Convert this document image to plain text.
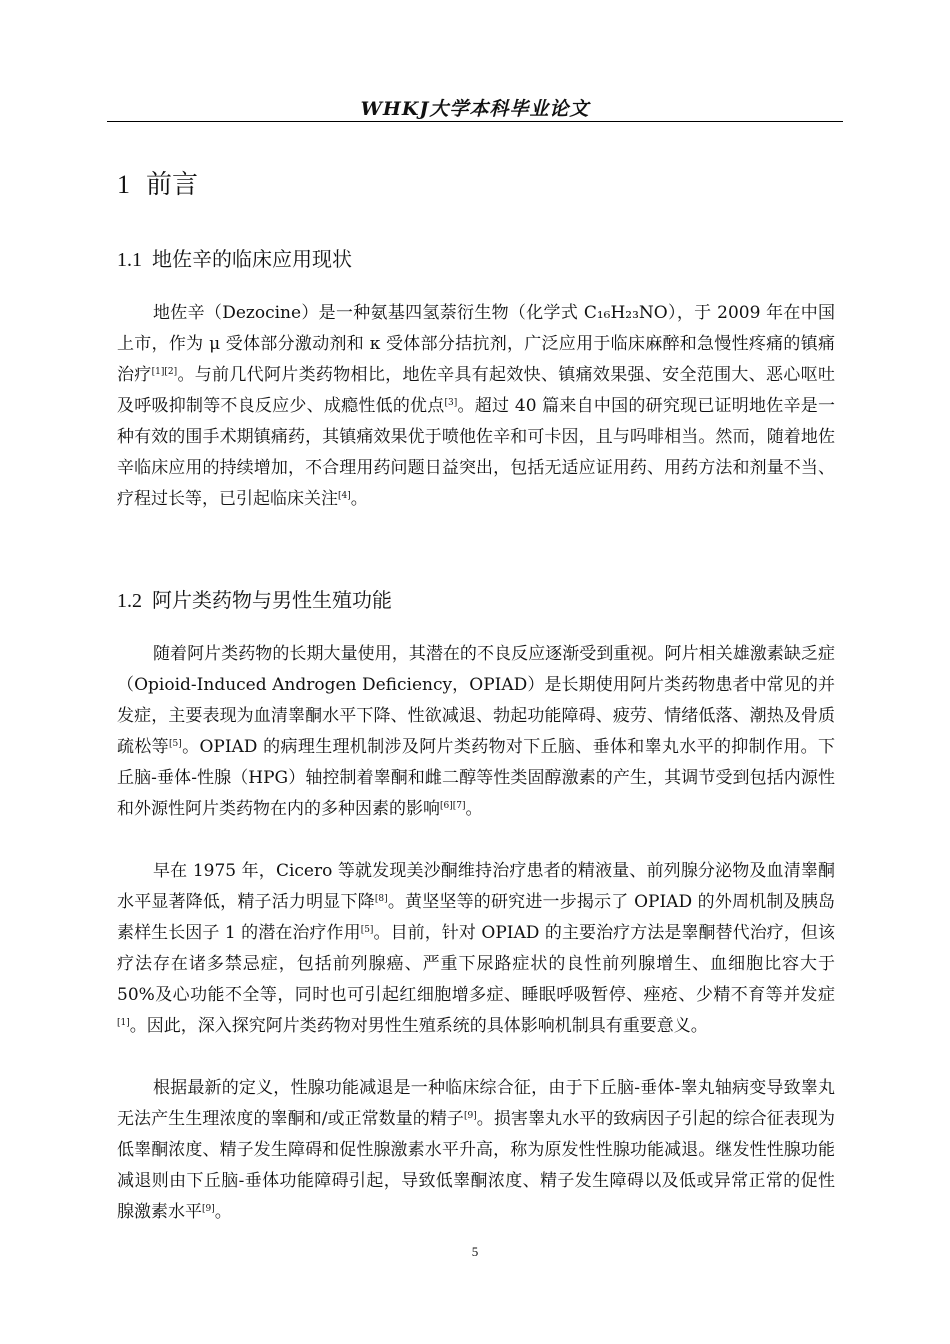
WHKJ大学本科毕业论文
1 前言
1.1 地佐辛的临床应用现状

地佐辛（Dezocine）是一种氨基四氢萘衍生物（化学式 C₁₆H₂₃NO），于 2009 年在中国上市，作为 μ 受体部分激动剂和 κ 受体部分拮抗剂，广泛应用于临床麻醉和急慢性疼痛的镇痛治疗[1][2]。与前几代阿片类药物相比，地佐辛具有起效快、镇痛效果强、安全范围大、恶心呕吐及呼吸抑制等不良反应少、成瘾性低的优点[3]。超过 40 篇来自中国的研究现已证明地佐辛是一种有效的围手术期镇痛药，其镇痛效果优于喷他佐辛和可卡因，且与吗啡相当。然而，随着地佐辛临床应用的持续增加，不合理用药问题日益突出，包括无适应证用药、用药方法和剂量不当、疗程过长等，已引起临床关注[4]。

1.2 阿片类药物与男性生殖功能

随着阿片类药物的长期大量使用，其潜在的不良反应逐渐受到重视。阿片相关雄激素缺乏症（Opioid-Induced Androgen Deficiency，OPIAD）是长期使用阿片类药物患者中常见的并发症，主要表现为血清睾酮水平下降、性欲减退、勃起功能障碍、疲劳、情绪低落、潮热及骨质疏松等[5]。OPIAD 的病理生理机制涉及阿片类药物对下丘脑、垂体和睾丸水平的抑制作用。下丘脑-垂体-性腺（HPG）轴控制着睾酮和雌二醇等性类固醇激素的产生，其调节受到包括内源性和外源性阿片类药物在内的多种因素的影响[6][7]。

早在 1975 年，Cicero 等就发现美沙酮维持治疗患者的精液量、前列腺分泌物及血清睾酮水平显著降低，精子活力明显下降[8]。黄坚坚等的研究进一步揭示了 OPIAD 的外周机制及胰岛素样生长因子 1 的潜在治疗作用[5]。目前，针对 OPIAD 的主要治疗方法是睾酮替代治疗，但该疗法存在诸多禁忌症，包括前列腺癌、严重下尿路症状的良性前列腺增生、血细胞比容大于 50%及心功能不全等，同时也可引起红细胞增多症、睡眠呼吸暂停、痤疮、少精不育等并发症[1]。因此，深入探究阿片类药物对男性生殖系统的具体影响机制具有重要意义。

根据最新的定义，性腺功能减退是一种临床综合征，由于下丘脑-垂体-睾丸轴病变导致睾丸无法产生生理浓度的睾酮和/或正常数量的精子[9]。损害睾丸水平的致病因子引起的综合征表现为低睾酮浓度、精子发生障碍和促性腺激素水平升高，称为原发性性腺功能减退。继发性性腺功能减退则由下丘脑-垂体功能障碍引起，导致低睾酮浓度、精子发生障碍以及低或异常正常的促性腺激素水平[9]。

5
